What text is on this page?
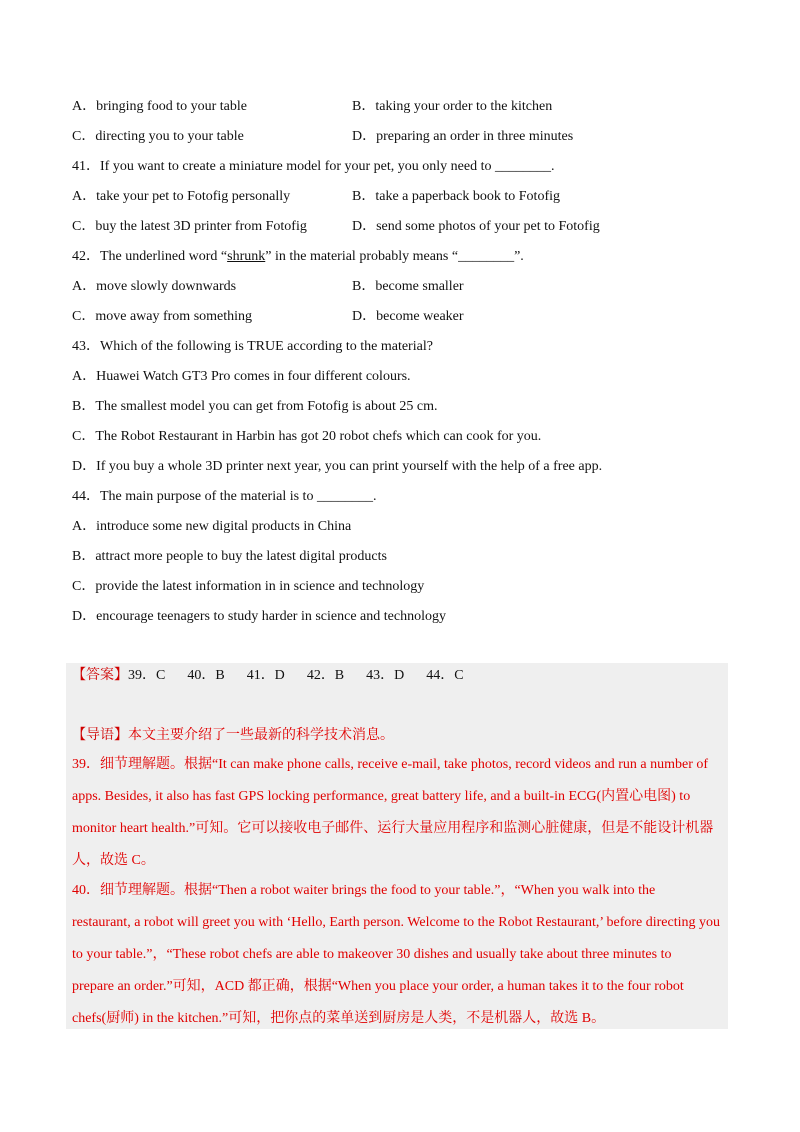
A．bringing food to your table	B．taking your order to the kitchen
C．directing you to your table	D．preparing an order in three minutes
41．If you want to create a miniature model for your pet, you only need to ________.
A．take your pet to Fotofig personally	B．take a paperback book to Fotofig
C．buy the latest 3D printer from Fotofig	D．send some photos of your pet to Fotofig
42．The underlined word “shrunk” in the material probably means “________”.
A．move slowly downwards	B．become smaller
C．move away from something	D．become weaker
43．Which of the following is TRUE according to the material?
A．Huawei Watch GT3 Pro comes in four different colours.
B．The smallest model you can get from Fotofig is about 25 cm.
C．The Robot Restaurant in Harbin has got 20 robot chefs which can cook for you.
D．If you buy a whole 3D printer next year, you can print yourself with the help of a free app.
44．The main purpose of the material is to ________.
A．introduce some new digital products in China
B．attract more people to buy the latest digital products
C．provide the latest information in in science and technology
D．encourage teenagers to study harder in science and technology
【答案】39．C 40．B 41．D 42．B 43．D 44．C
【导语】本文主要介绍了一些最新的科学技术消息。
39．细节理解题。根据“It can make phone calls, receive e-mail, take photos, record videos and run a number of
apps. Besides, it also has fast GPS locking performance, great battery life, and a built-in ECG(内置心电图) to
monitor heart health.”可知。它可以接收电子邮件、运行大量应用程序和监测心脏健康，但是不能设计机器
人，故选 C。
40．细节理解题。根据“Then a robot waiter brings the food to your table.”，“When you walk into the
restaurant, a robot will greet you with ‘Hello, Earth person. Welcome to the Robot Restaurant,’ before directing you
to your table.”，“These robot chefs are able to makeover 30 dishes and usually take about three minutes to
prepare an order.”可知，ACD 都正确，根据“When you place your order, a human takes it to the four robot
chefs(厨师) in the kitchen.”可知，把你点的菜单送到厨房是人类，不是机器人，故选 B。
